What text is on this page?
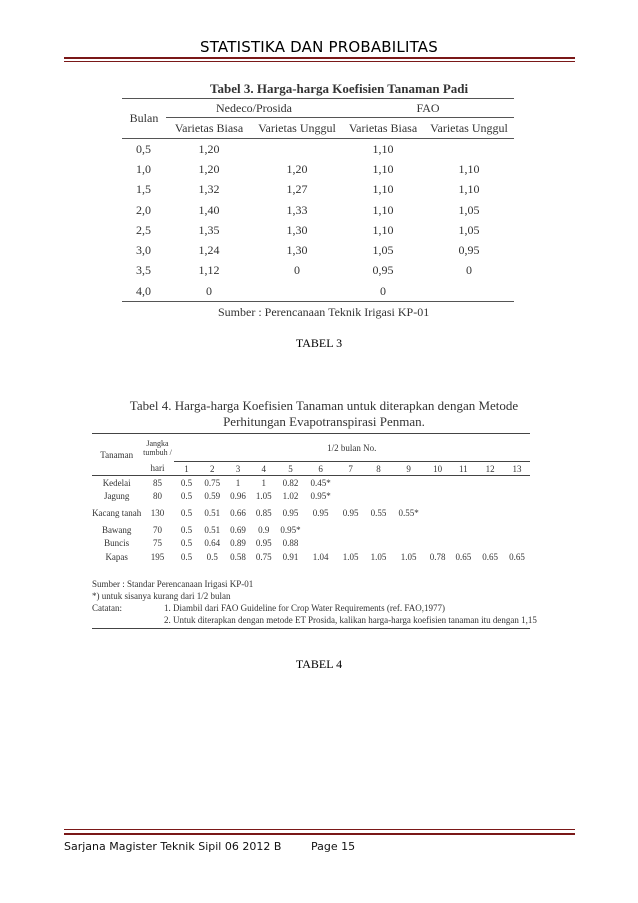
STATISTIKA DAN PROBABILITAS
Tabel 3. Harga-harga Koefisien Tanaman Padi
Bulan	Nedeco/Prosida		FAO	
	Varietas Biasa	Varietas Unggul	Varietas Biasa	Varietas Unggul
0,5	1,20		1,10	
1,0	1,20	1,20	1,10	1,10
1,5	1,32	1,27	1,10	1,10
2,0	1,40	1,33	1,10	1,05
2,5	1,35	1,30	1,10	1,05
3,0	1,24	1,30	1,05	0,95
3,5	1,12	0	0,95	0
4,0	0		0	
Sumber : Perencanaan Teknik Irigasi KP-01
TABEL 3
Tabel 4. Harga-harga Koefisien Tanaman untuk diterapkan dengan Metode
Perhitungan Evapotranspirasi Penman.
Tanaman	Jangka tumbuh /	1/2 bulan No.												
	hari	1	2	3	4	5	6	7	8	9	10	11	12	13
Kedelai	85	0.5	0.75	1	1	0.82	0.45*							
Jagung	80	0.5	0.59	0.96	1.05	1.02	0.95*							
Kacang tanah	130	0.5	0.51	0.66	0.85	0.95	0.95	0.95	0.55	0.55*				
Bawang	70	0.5	0.51	0.69	0.9	0.95*								
Buncis	75	0.5	0.64	0.89	0.95	0.88								
Kapas	195	0.5	0.5	0.58	0.75	0.91	1.04	1.05	1.05	1.05	0.78	0.65	0.65	0.65
Sumber : Standar Perencanaan Irigasi KP-01
*) untuk sisanya kurang dari 1/2 bulan
Catatan:	1. Diambil dari FAO Guideline for Crop Water Requirements (ref. FAO,1977)
2. Untuk diterapkan dengan metode ET Prosida, kalikan harga-harga koefisien tanaman itu dengan 1,15
TABEL 4
Sarjana Magister Teknik Sipil 06 2012 B	Page 15
